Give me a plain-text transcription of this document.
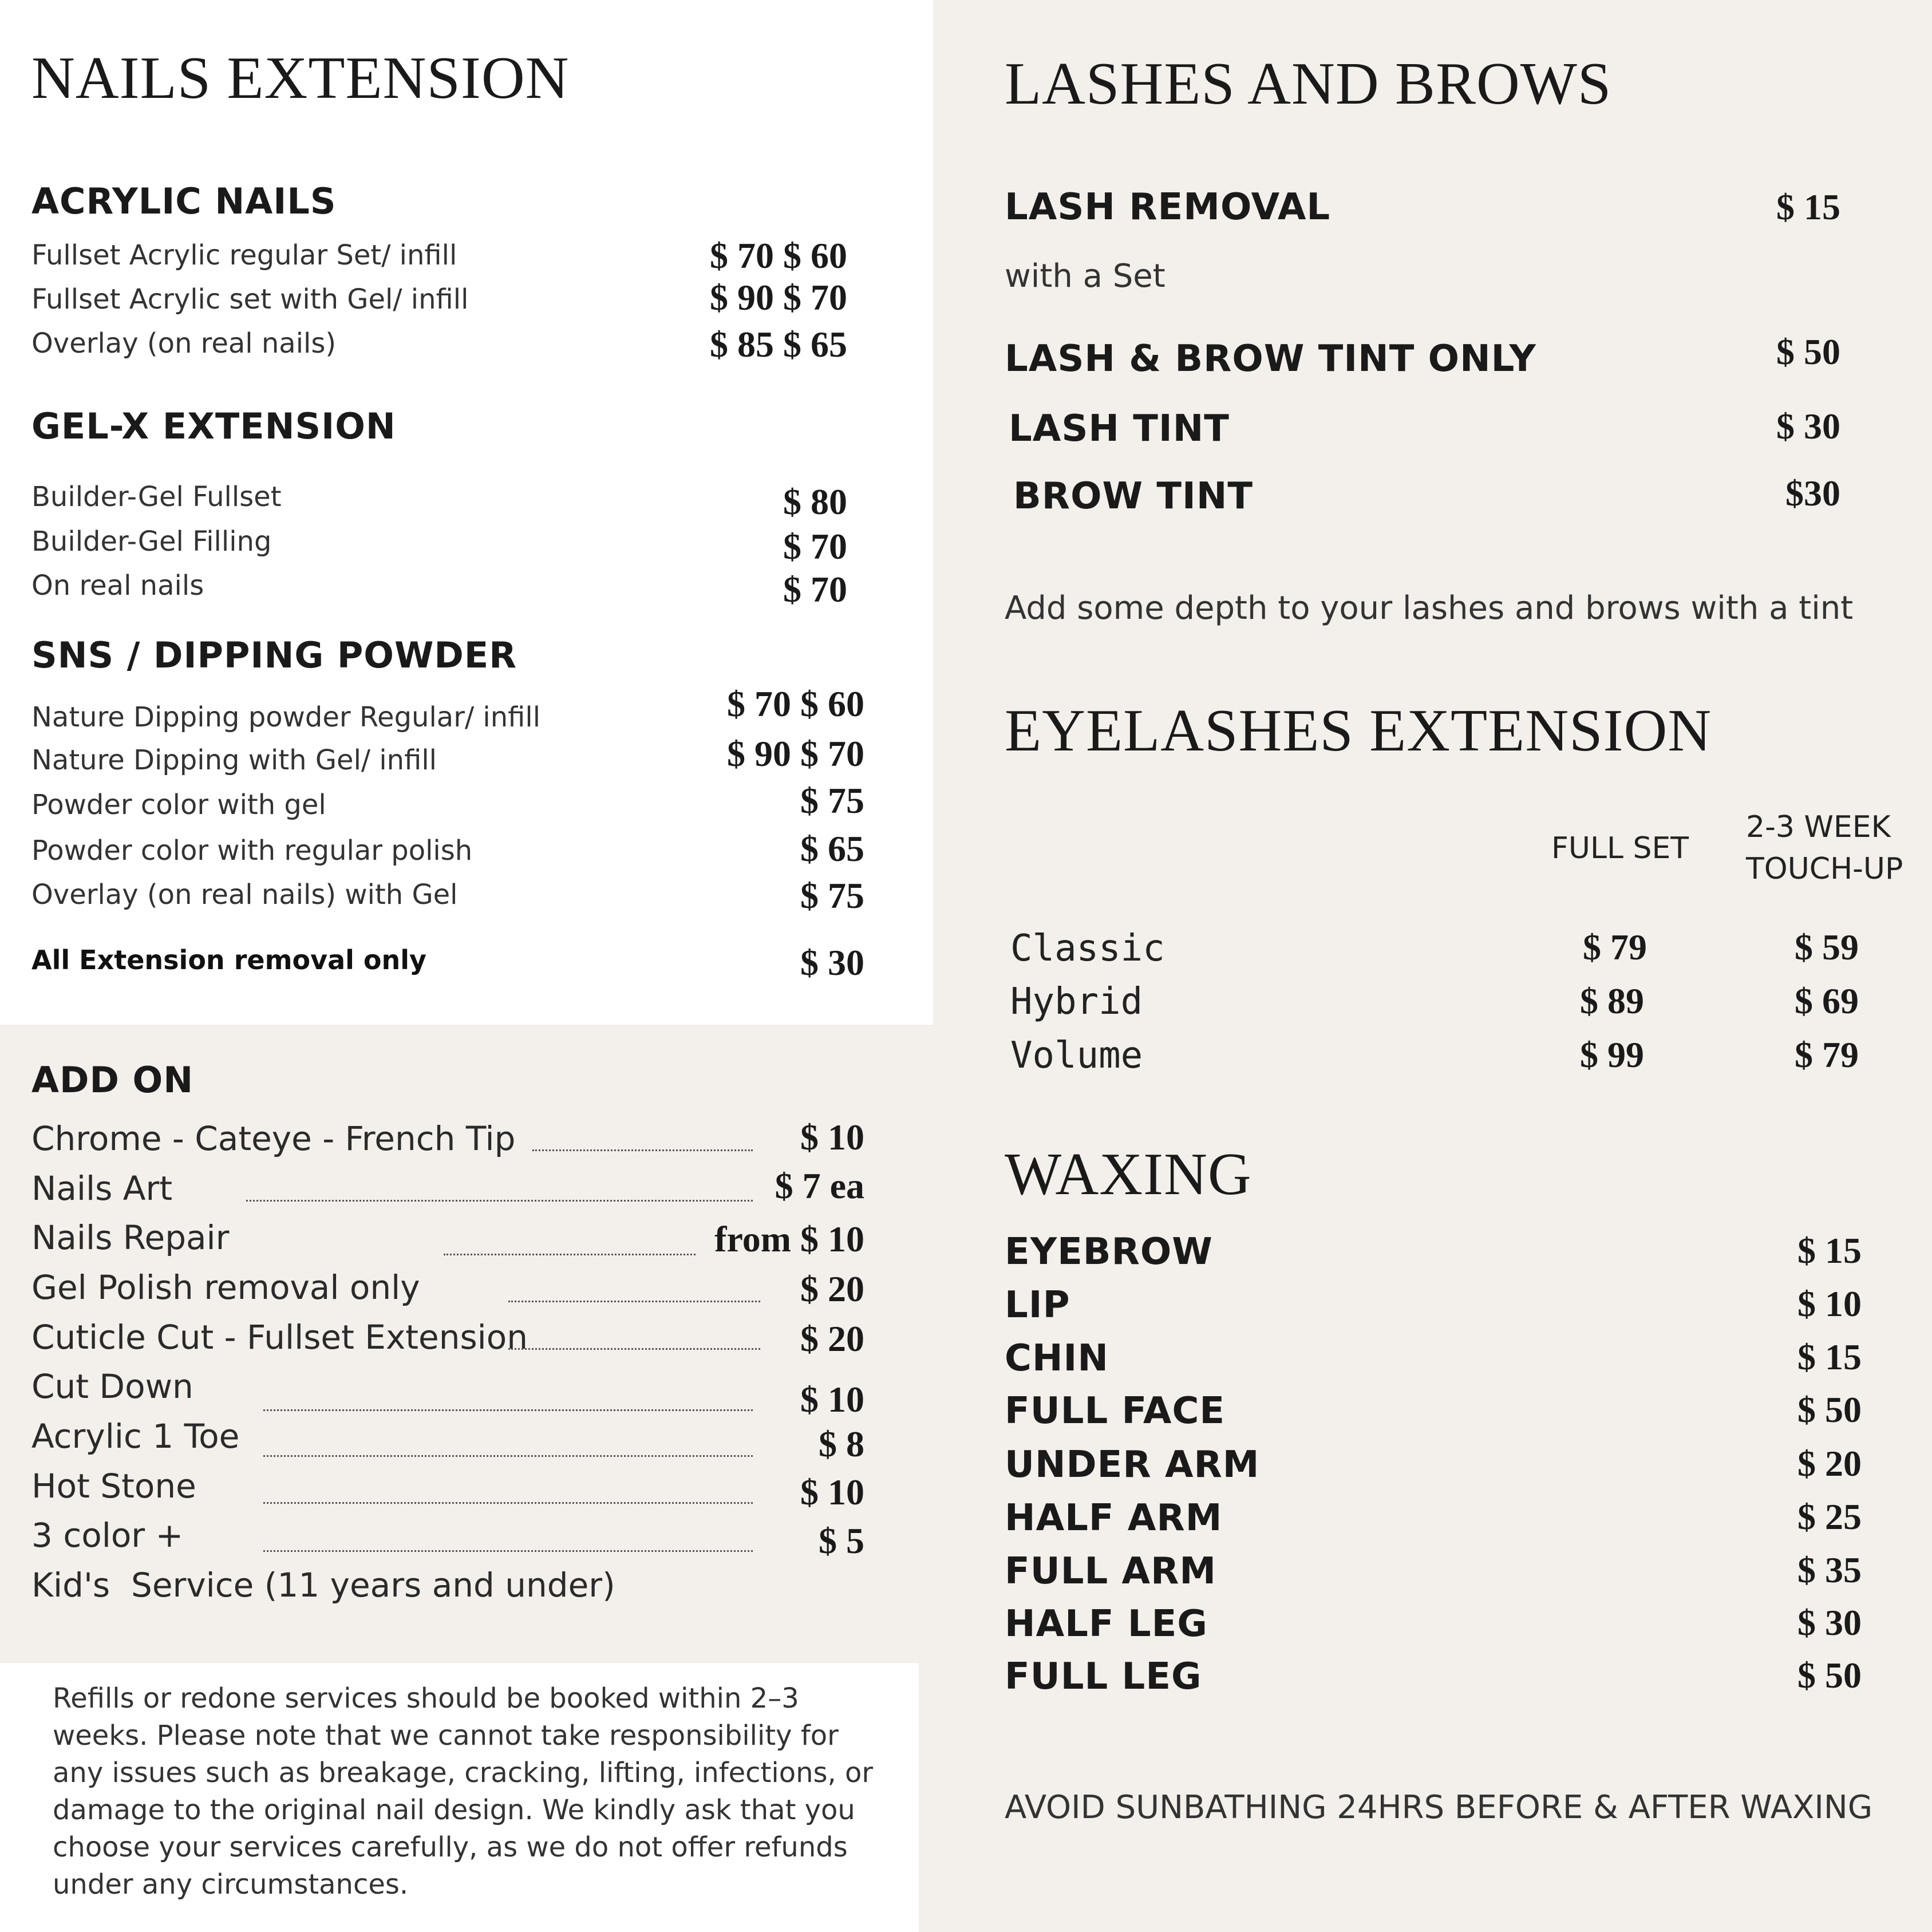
NAILS EXTENSION
ACRYLIC NAILS
Fullset Acrylic regular Set/ infill	$ 70 $ 60
Fullset Acrylic set with Gel/ infill	$ 90 $ 70
Overlay (on real nails)	$ 85 $ 65
GEL-X EXTENSION
Builder-Gel Fullset	$ 80
Builder-Gel Filling	$ 70
On real nails	$ 70
SNS / DIPPING POWDER
Nature Dipping powder Regular/ infill	$ 70 $ 60
Nature Dipping with Gel/ infill	$ 90 $ 70
Powder color with gel	$ 75
Powder color with regular polish	$ 65
Overlay (on real nails) with Gel	$ 75
All Extension removal only	$ 30
ADD ON
Chrome - Cateye - French Tip	$ 10
Nails Art	$ 7 ea
Nails Repair	from $ 10
Gel Polish removal only	$ 20
Cuticle Cut - Fullset Extension	$ 20
Cut Down	$ 10
Acrylic 1 Toe	$ 8
Hot Stone	$ 10
3 color +	$ 5
Kid's  Service (11 years and under)
Refills or redone services should be booked within 2–3 weeks. Please note that we cannot take responsibility for any issues such as breakage, cracking, lifting, infections, or damage to the original nail design. We kindly ask that you choose your services carefully, as we do not offer refunds under any circumstances.
LASHES AND BROWS
LASH REMOVAL	$ 15
with a Set
LASH & BROW TINT ONLY	$ 50
LASH TINT	$ 30
BROW TINT	$30
Add some depth to your lashes and brows with a tint
EYELASHES EXTENSION
FULL SET
2-3 WEEK
TOUCH-UP
Classic	$ 79	$ 59
Hybrid	$ 89	$ 69
Volume	$ 99	$ 79
WAXING
EYEBROW	$ 15
LIP	$ 10
CHIN	$ 15
FULL FACE	$ 50
UNDER ARM	$ 20
HALF ARM	$ 25
FULL ARM	$ 35
HALF LEG	$ 30
FULL LEG	$ 50
AVOID SUNBATHING 24HRS BEFORE & AFTER WAXING
